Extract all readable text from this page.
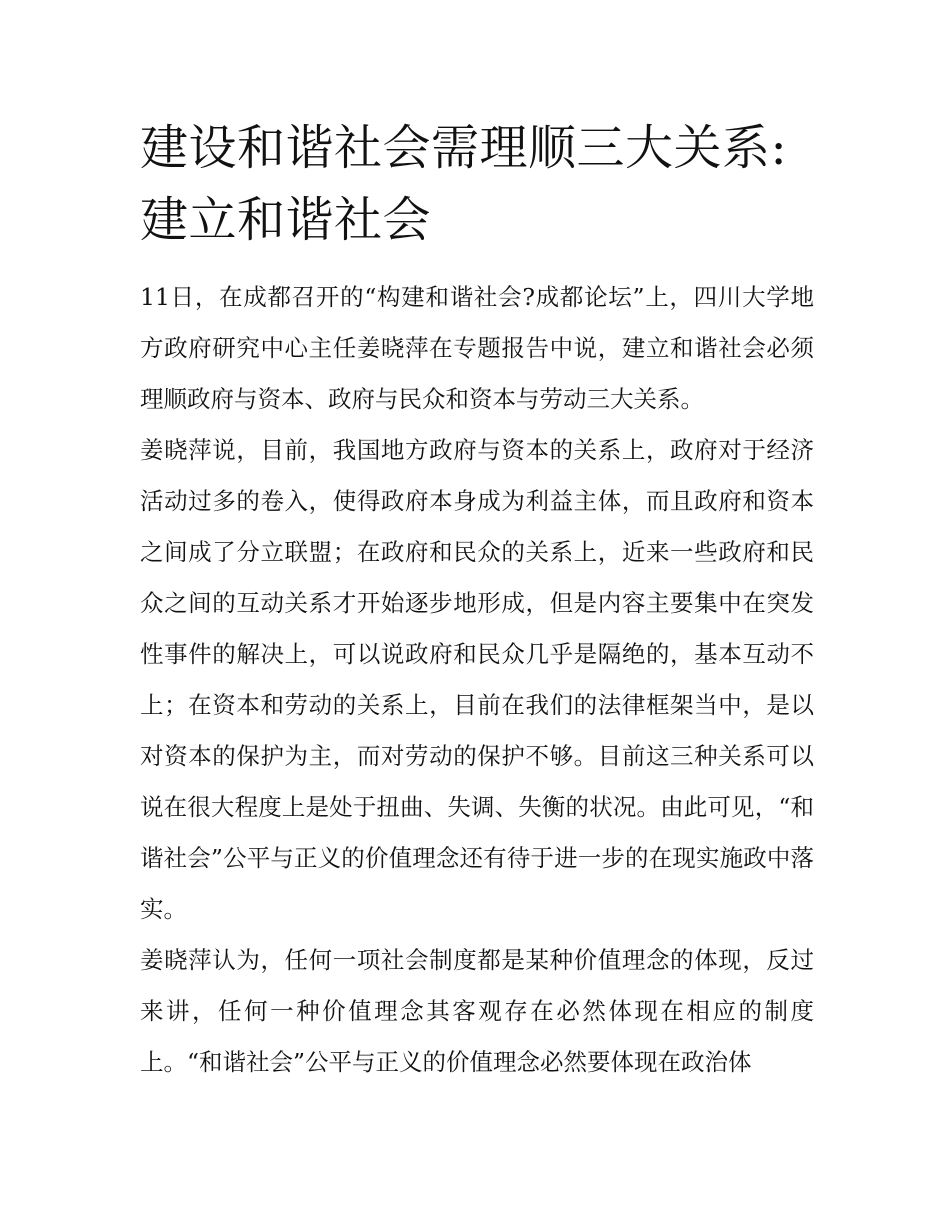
建设和谐社会需理顺三大关系:
建立和谐社会

11日，在成都召开的“构建和谐社会?成都论坛”上，四川大学地方政府研究中心主任姜晓萍在专题报告中说，建立和谐社会必须理顺政府与资本、政府与民众和资本与劳动三大关系。

姜晓萍说，目前，我国地方政府与资本的关系上，政府对于经济活动过多的卷入，使得政府本身成为利益主体，而且政府和资本之间成了分立联盟；在政府和民众的关系上，近来一些政府和民众之间的互动关系才开始逐步地形成，但是内容主要集中在突发性事件的解决上，可以说政府和民众几乎是隔绝的，基本互动不上；在资本和劳动的关系上，目前在我们的法律框架当中，是以对资本的保护为主，而对劳动的保护不够。目前这三种关系可以说在很大程度上是处于扭曲、失调、失衡的状况。由此可见，“和谐社会”公平与正义的价值理念还有待于进一步的在现实施政中落实。

姜晓萍认为，任何一项社会制度都是某种价值理念的体现，反过来讲，任何一种价值理念其客观存在必然体现在相应的制度上。“和谐社会”公平与正义的价值理念必然要体现在政治体
